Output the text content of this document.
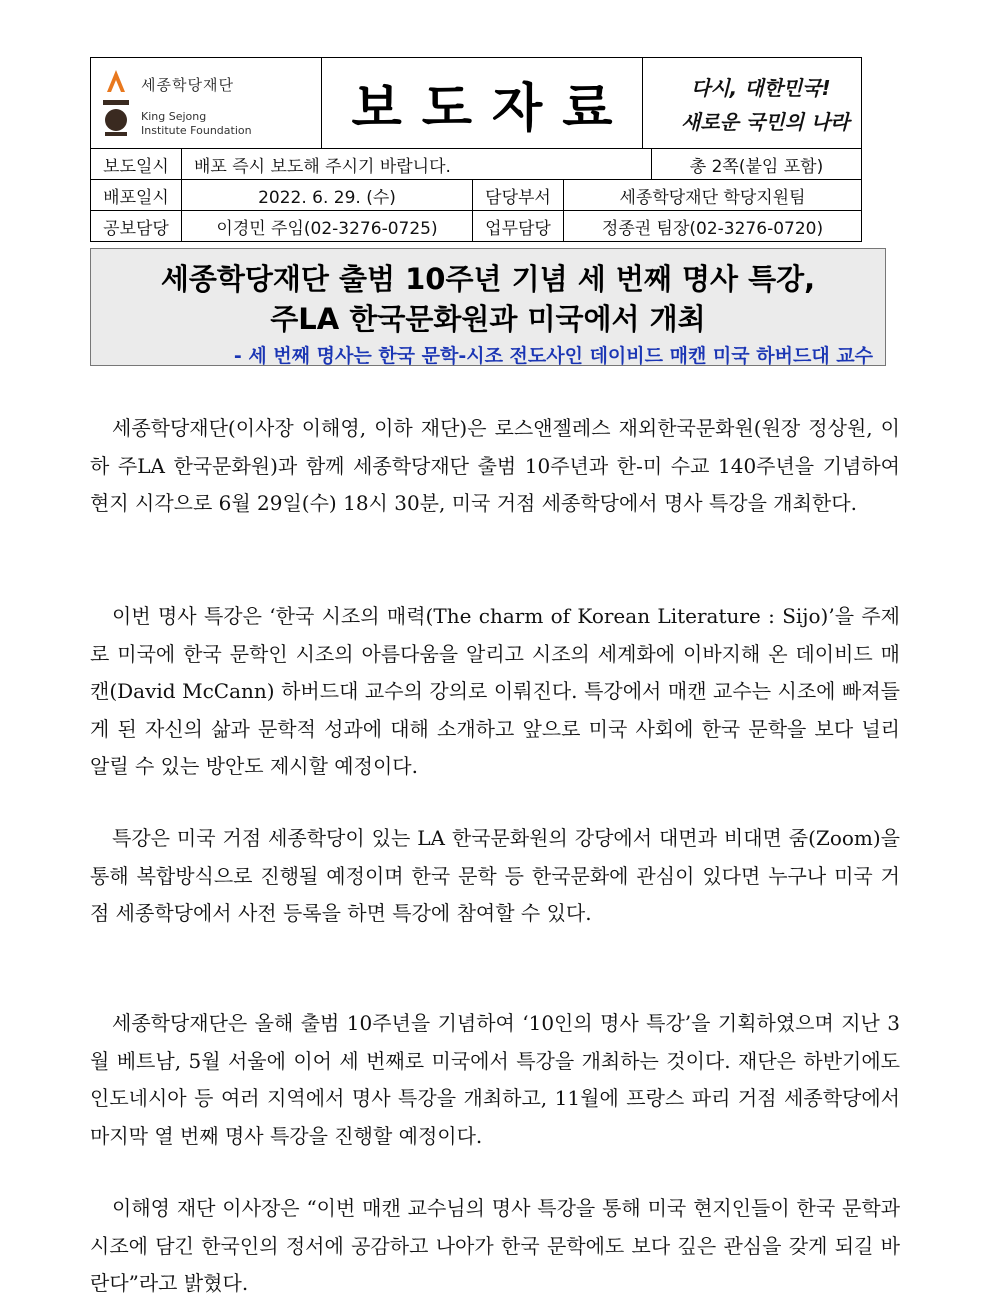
세종학당재단
King Sejong
Institute Foundation 보도자료	다시, 대한민국!
새로운 국민의 나라
보도일시	배포 즉시 보도해 주시기 바랍니다.	총 2쪽(붙임 포함)
배포일시	2022. 6. 29. (수)	담당부서	세종학당재단 학당지원팀
공보담당	이경민 주임(02-3276-0725)	업무담당	정종권 팀장(02-3276-0720)
세종학당재단 출범 10주년 기념 세 번째 명사 특강,
주LA 한국문화원과 미국에서 개최
- 세 번째 명사는 한국 문학-시조 전도사인 데이비드 매캔 미국 하버드대 교수

세종학당재단(이사장 이해영, 이하 재단)은 로스앤젤레스 재외한국문화원(원장 정상원, 이하 주LA 한국문화원)과 함께 세종학당재단 출범 10주년과 한-미 수교 140주년을 기념하여 현지 시각으로 6월 29일(수) 18시 30분, 미국 거점 세종학당에서 명사 특강을 개최한다.

이번 명사 특강은 ‘한국 시조의 매력(The charm of Korean Literature : Sijo)’을 주제로 미국에 한국 문학인 시조의 아름다움을 알리고 시조의 세계화에 이바지해 온 데이비드 매캔(David McCann) 하버드대 교수의 강의로 이뤄진다. 특강에서 매캔 교수는 시조에 빠져들게 된 자신의 삶과 문학적 성과에 대해 소개하고 앞으로 미국 사회에 한국 문학을 보다 널리 알릴 수 있는 방안도 제시할 예정이다.

특강은 미국 거점 세종학당이 있는 LA 한국문화원의 강당에서 대면과 비대면 줌(Zoom)을 통해 복합방식으로 진행될 예정이며 한국 문학 등 한국문화에 관심이 있다면 누구나 미국 거점 세종학당에서 사전 등록을 하면 특강에 참여할 수 있다.

세종학당재단은 올해 출범 10주년을 기념하여 ‘10인의 명사 특강’을 기획하였으며 지난 3월 베트남, 5월 서울에 이어 세 번째로 미국에서 특강을 개최하는 것이다. 재단은 하반기에도 인도네시아 등 여러 지역에서 명사 특강을 개최하고, 11월에 프랑스 파리 거점 세종학당에서 마지막 열 번째 명사 특강을 진행할 예정이다.

이해영 재단 이사장은 “이번 매캔 교수님의 명사 특강을 통해 미국 현지인들이 한국 문학과 시조에 담긴 한국인의 정서에 공감하고 나아가 한국 문학에도 보다 깊은 관심을 갖게 되길 바란다”라고 밝혔다.
